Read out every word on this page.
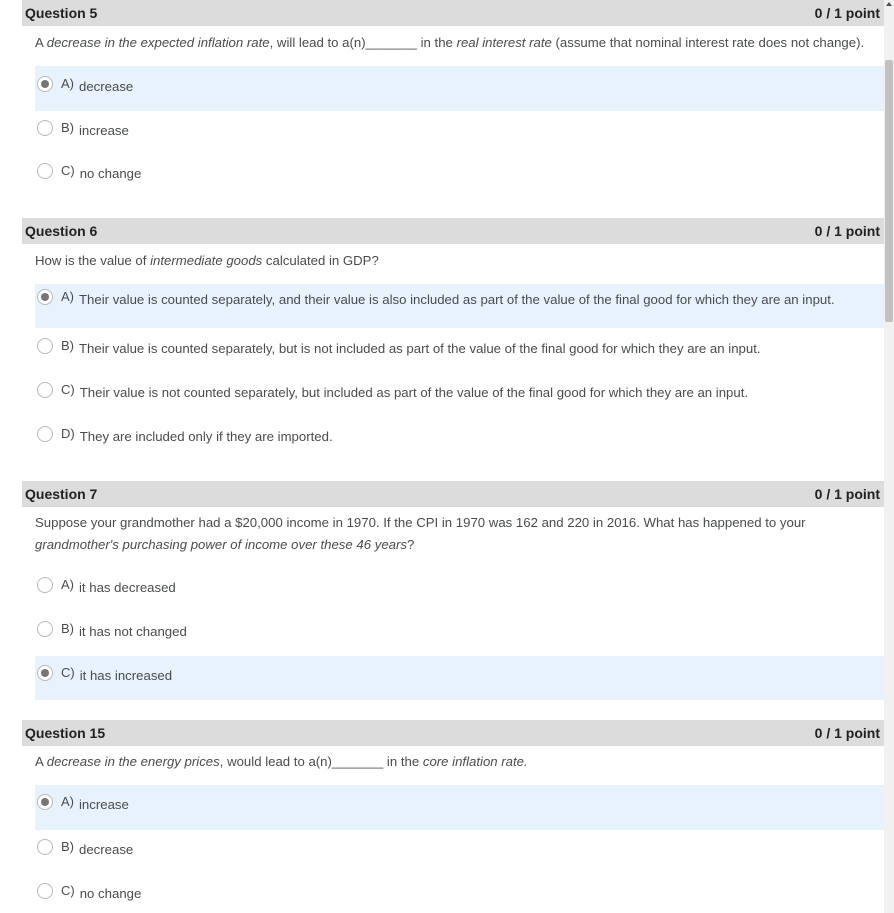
Question 5	0 / 1 point
A decrease in the expected inflation rate, will lead to a(n)_______ in the real interest rate (assume that nominal interest rate does not change).
A) decrease
B) increase
C) no change
Question 6	0 / 1 point
How is the value of intermediate goods calculated in GDP?
A) Their value is counted separately, and their value is also included as part of the value of the final good for which they are an input.
B) Their value is counted separately, but is not included as part of the value of the final good for which they are an input.
C) Their value is not counted separately, but included as part of the value of the final good for which they are an input.
D) They are included only if they are imported.
Question 7	0 / 1 point
Suppose your grandmother had a $20,000 income in 1970. If the CPI in 1970 was 162 and 220 in 2016. What has happened to your grandmother's purchasing power of income over these 46 years?
A) it has decreased
B) it has not changed
C) it has increased
Question 15	0 / 1 point
A decrease in the energy prices, would lead to a(n)_______ in the core inflation rate.
A) increase
B) decrease
C) no change
